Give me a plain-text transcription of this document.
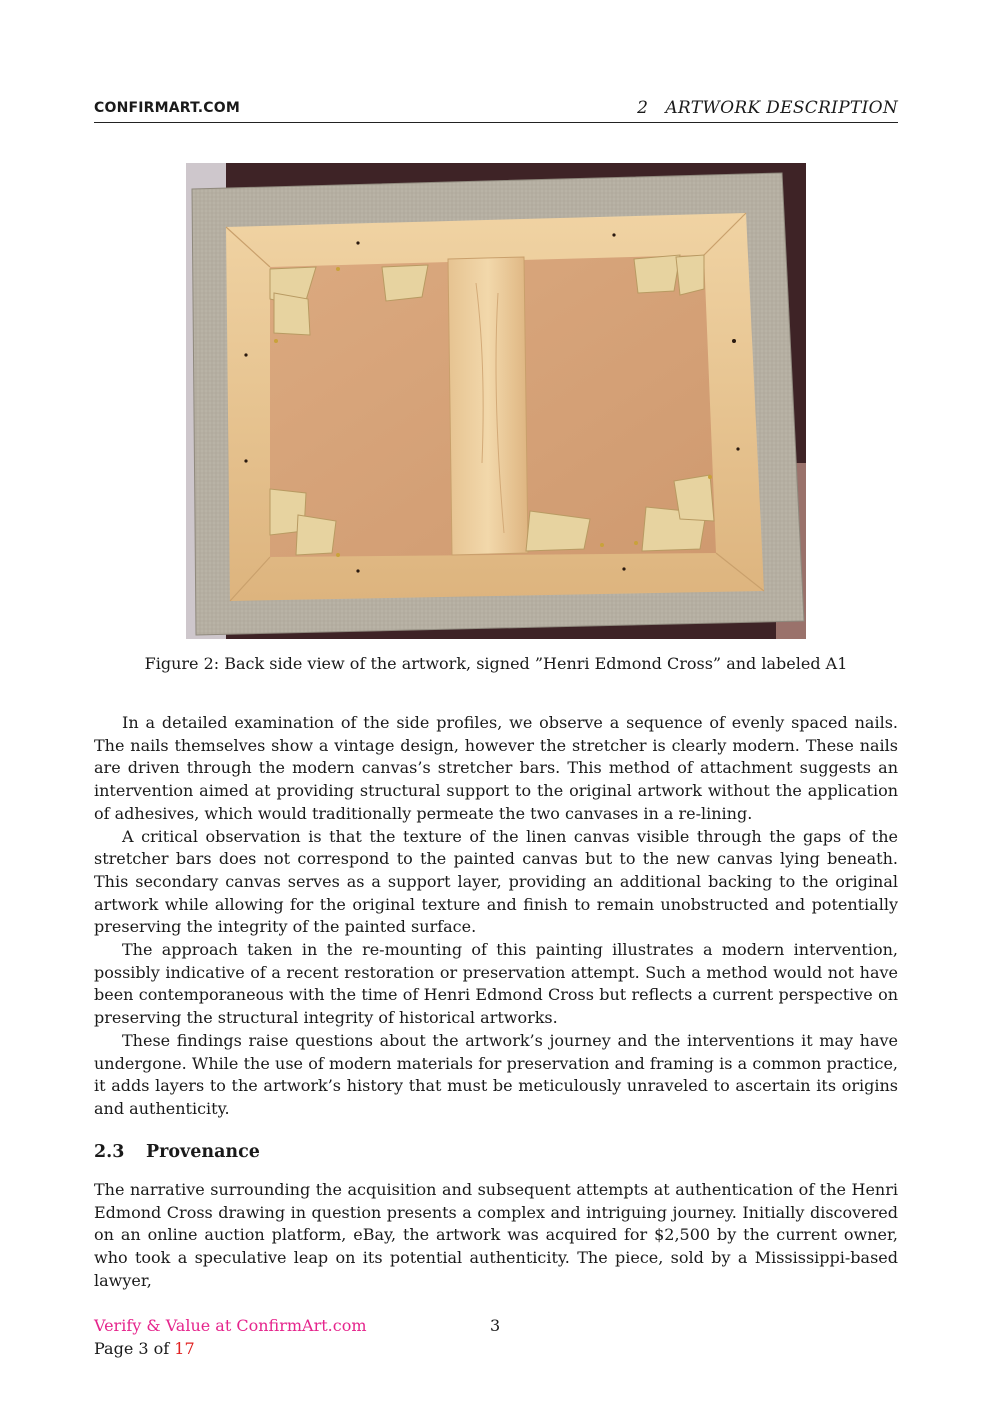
CONFIRMART.COM	2   ARTWORK DESCRIPTION
Figure 2: Back side view of the artwork, signed ”Henri Edmond Cross” and labeled A1

In a detailed examination of the side profiles, we observe a sequence of evenly spaced nails. The nails themselves show a vintage design, however the stretcher is clearly modern. These nails are driven through the modern canvas’s stretcher bars. This method of attachment suggests an intervention aimed at providing structural support to the original artwork without the application of adhesives, which would traditionally permeate the two canvases in a re-lining.

A critical observation is that the texture of the linen canvas visible through the gaps of the stretcher bars does not correspond to the painted canvas but to the new canvas lying beneath. This secondary canvas serves as a support layer, providing an additional backing to the original artwork while allowing for the original texture and finish to remain unobstructed and potentially preserving the integrity of the painted surface.

The approach taken in the re-mounting of this painting illustrates a modern intervention, possibly indicative of a recent restoration or preservation attempt. Such a method would not have been contemporaneous with the time of Henri Edmond Cross but reflects a current perspective on preserving the structural integrity of historical artworks.

These findings raise questions about the artwork’s journey and the interventions it may have undergone. While the use of modern materials for preservation and framing is a common practice, it adds layers to the artwork’s history that must be meticulously unraveled to ascertain its origins and authenticity.

2.3 Provenance

The narrative surrounding the acquisition and subsequent attempts at authentication of the Henri Edmond Cross drawing in question presents a complex and intriguing journey. Initially discovered on an online auction platform, eBay, the artwork was acquired for $2,500 by the current owner, who took a speculative leap on its potential authenticity. The piece, sold by a Mississippi-based lawyer,

Verify & Value at ConfirmArt.com	3
Page 3 of 17
